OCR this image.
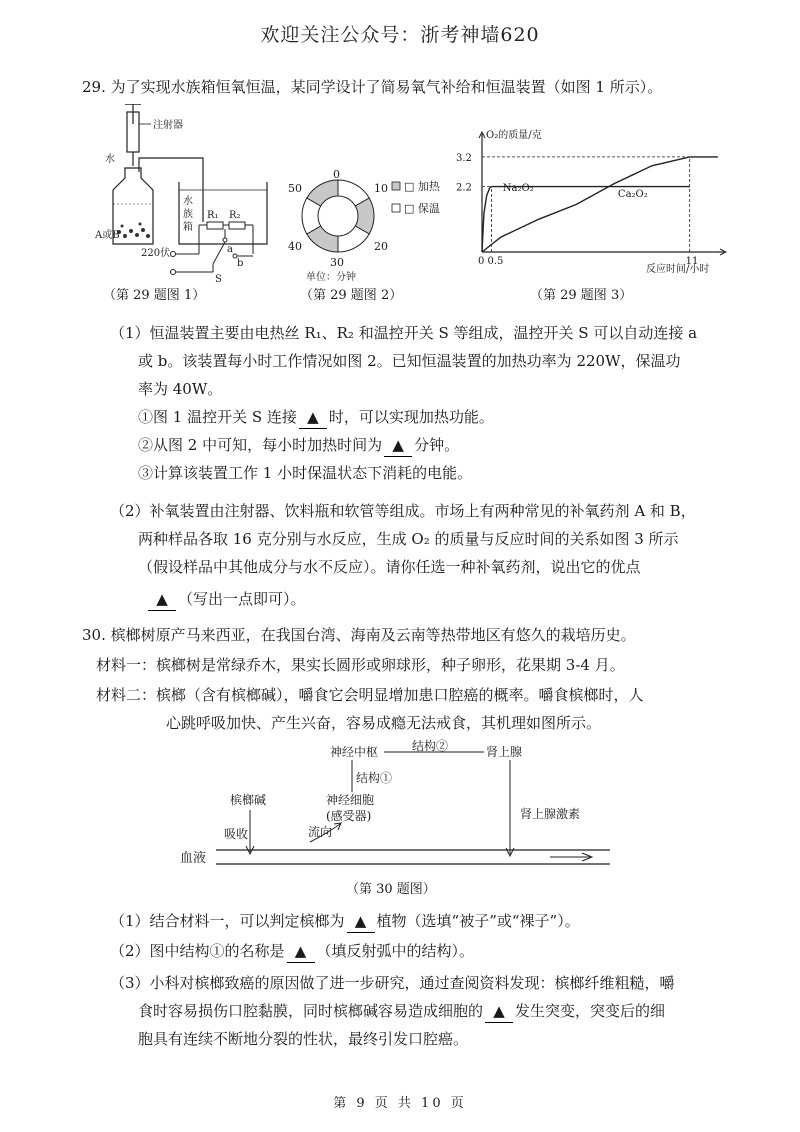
欢迎关注公众号：浙考神墙620
29. 为了实现水族箱恒氧恒温，某同学设计了简易氧气补给和恒温装置（如图 1 所示）。
注射器
水
A或B
水
族
箱
R₁ R₂
a
b
220伏
S
（第 29 题图 1）
0
10
20
30
40
50
单位：分钟
□ 加热
□ 保温
（第 29 题图 2）
O₂的质量/克
反应时间/小时
0 0.5	11
2.2
3.2
Na₂O₂
Ca₂O₂
（第 29 题图 3）
（1）恒温装置主要由电热丝 R₁、R₂ 和温控开关 S 等组成，温控开关 S 可以自动连接 a
或 b。该装置每小时工作情况如图 2。已知恒温装置的加热功率为 220W，保温功
率为 40W。
①图 1 温控开关 S 连接 ▲ 时，可以实现加热功能。
②从图 2 中可知，每小时加热时间为 ▲ 分钟。
③计算该装置工作 1 小时保温状态下消耗的电能。
（2）补氧装置由注射器、饮料瓶和软管等组成。市场上有两种常见的补氧药剂 A 和 B，
两种样品各取 16 克分别与水反应，生成 O₂ 的质量与反应时间的关系如图 3 所示
（假设样品中其他成分与水不反应）。请你任选一种补氧药剂，说出它的优点
▲ （写出一点即可）。
30. 槟榔树原产马来西亚，在我国台湾、海南及云南等热带地区有悠久的栽培历史。
材料一：槟榔树是常绿乔木，果实长圆形或卵球形，种子卵形，花果期 3-4 月。
材料二：槟榔（含有槟榔碱），嚼食它会明显增加患口腔癌的概率。嚼食槟榔时，人
心跳呼吸加快、产生兴奋，容易成瘾无法戒食，其机理如图所示。
神经中枢	结构②	肾上腺
结构①
槟榔碱	神经细胞
(感受器)
吸收	流向
肾上腺激素
血液
（第 30 题图）
（1）结合材料一，可以判定槟榔为 ▲ 植物（选填“被子”或“裸子”）。
（2）图中结构①的名称是 ▲ （填反射弧中的结构）。
（3）小科对槟榔致癌的原因做了进一步研究，通过查阅资料发现：槟榔纤维粗糙，嚼
食时容易损伤口腔黏膜，同时槟榔碱容易造成细胞的 ▲ 发生突变，突变后的细
胞具有连续不断地分裂的性状，最终引发口腔癌。
第 9 页 共 10 页
